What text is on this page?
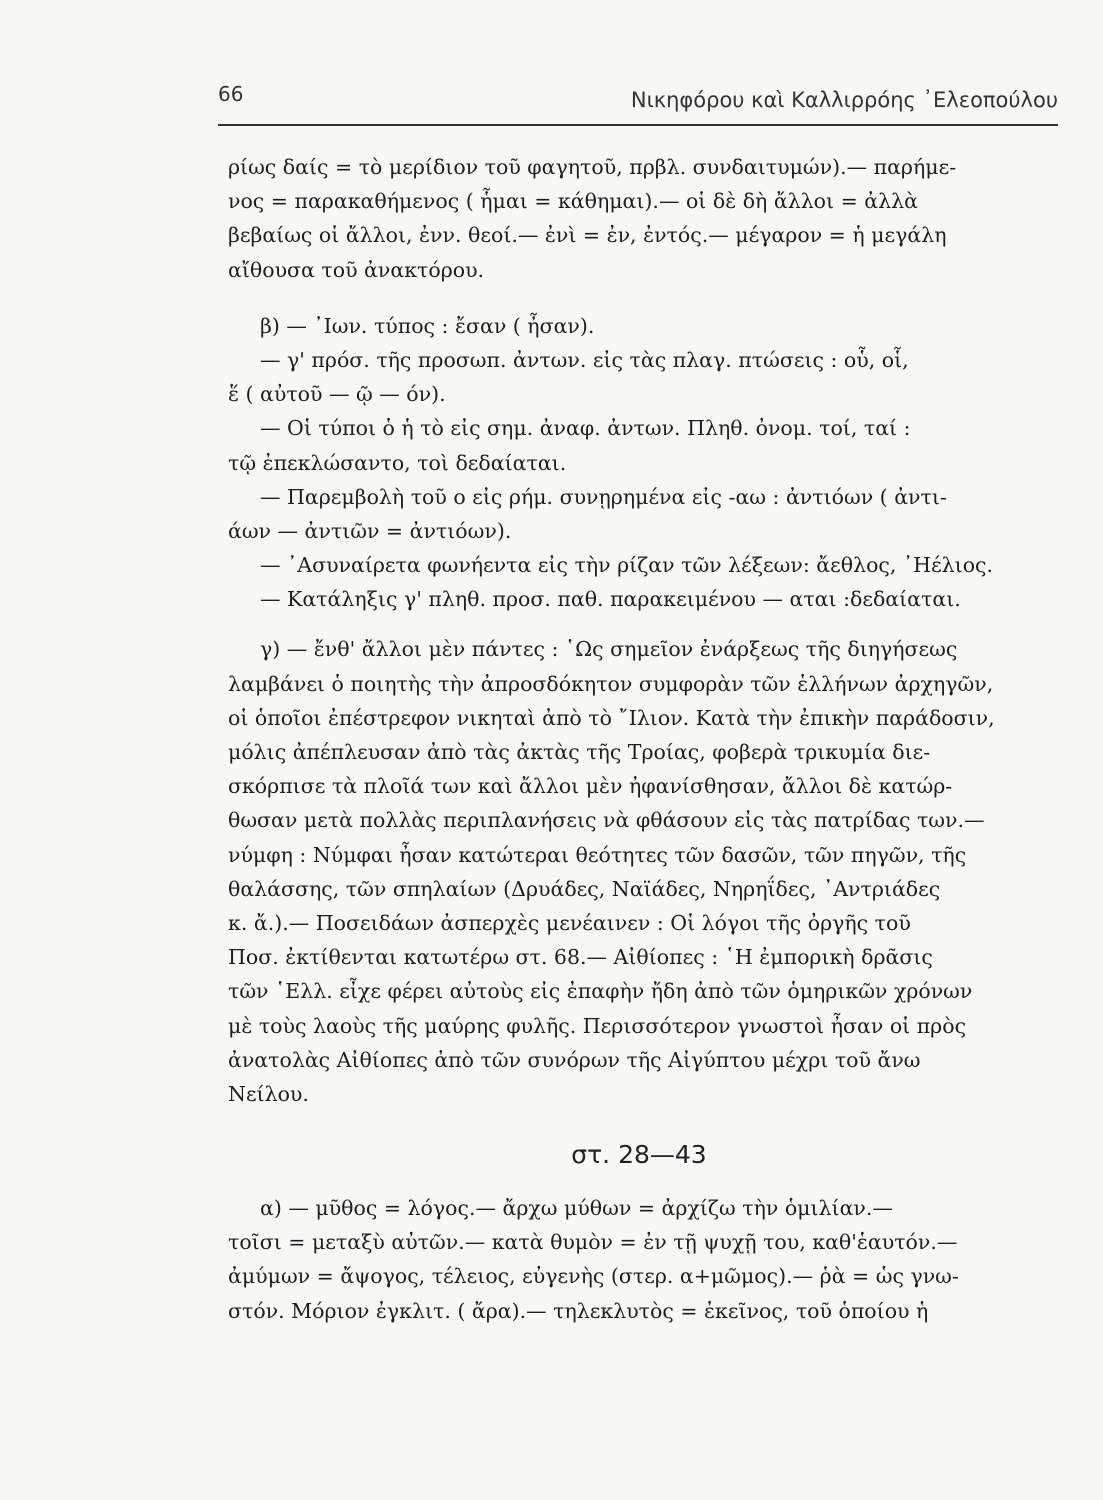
66	Νικηφόρου καὶ Καλλιρρόης ᾿Ελεοπούλου
ρίως δαίς = τὸ μερίδιον τοῦ φαγητοῦ, πρβλ. συνδαιτυμών).— παρήμε-
νος = παρακαθήμενος ( ἧμαι = κάθημαι).— οἱ δὲ δὴ ἄλλοι = ἀλλὰ
βεβαίως οἱ ἄλλοι, ἐνν. θεοί.— ἐνὶ = ἐν, ἐντός.— μέγαρον = ἡ μεγάλη
αἴθουσα τοῦ ἀνακτόρου.
β) — ᾿Ιων. τύπος : ἔσαν ( ἦσαν).
— γ' πρόσ. τῆς προσωπ. ἀντων. εἰς τὰς πλαγ. πτώσεις : οὗ, οἷ,
ἕ ( αὐτοῦ — ῷ — όν).
— Οἱ τύποι ὁ ἡ τὸ εἰς σημ. ἀναφ. ἀντων. Πληθ. ὀνομ. τοί, ταί :
τῷ ἐπεκλώσαντο, τοὶ δεδαίαται.
— Παρεμβολὴ τοῦ ο εἰς ρήμ. συνῃρημένα εἰς -αω : ἀντιόων ( ἀντι-
άων — ἀντιῶν = ἀντιόων).
— ᾿Ασυναίρετα φωνήεντα εἰς τὴν ρίζαν τῶν λέξεων: ἄεθλος, ᾿Ηέλιος.
— Κατάληξις γ' πληθ. προσ. παθ. παρακειμένου — αται :δεδαίαται.
γ) — ἔνθ' ἄλλοι μὲν πάντες : ῾Ως σημεῖον ἐνάρξεως τῆς διηγήσεως
λαμβάνει ὁ ποιητὴς τὴν ἀπροσδόκητον συμφορὰν τῶν ἑλλήνων ἀρχηγῶν,
οἱ ὁποῖοι ἐπέστρεφον νικηταὶ ἀπὸ τὸ ῎Ιλιον. Κατὰ τὴν ἐπικὴν παράδοσιν,
μόλις ἀπέπλευσαν ἀπὸ τὰς ἀκτὰς τῆς Τροίας, φοβερὰ τρικυμία διε-
σκόρπισε τὰ πλοῖά των καὶ ἄλλοι μὲν ἠφανίσθησαν, ἄλλοι δὲ κατώρ-
θωσαν μετὰ πολλὰς περιπλανήσεις νὰ φθάσουν εἰς τὰς πατρίδας των.—
νύμφη : Νύμφαι ἦσαν κατώτεραι θεότητες τῶν δασῶν, τῶν πηγῶν, τῆς
θαλάσσης, τῶν σπηλαίων (Δρυάδες, Ναϊάδες, Νηρηΐδες, ᾿Αντριάδες
κ. ἄ.).— Ποσειδάων ἀσπερχὲς μενέαινεν : Οἱ λόγοι τῆς ὀργῆς τοῦ
Ποσ. ἐκτίθενται κατωτέρω στ. 68.— Αἰθίοπες : ῾Η ἐμπορικὴ δρᾶσις
τῶν ῾Ελλ. εἶχε φέρει αὐτοὺς εἰς ἐπαφὴν ἤδη ἀπὸ τῶν ὁμηρικῶν χρόνων
μὲ τοὺς λαοὺς τῆς μαύρης φυλῆς. Περισσότερον γνωστοὶ ἦσαν οἱ πρὸς
ἀνατολὰς Αἰθίοπες ἀπὸ τῶν συνόρων τῆς Αἰγύπτου μέχρι τοῦ ἄνω
Νείλου.
στ. 28—43
α) — μῦθος = λόγος.— ἄρχω μύθων = ἀρχίζω τὴν ὁμιλίαν.—
τοῖσι = μεταξὺ αὐτῶν.— κατὰ θυμὸν = ἐν τῇ ψυχῇ του, καθ'ἑαυτόν.—
ἀμύμων = ἄψογος, τέλειος, εὐγενὴς (στερ. α+μῶμος).— ῥὰ = ὡς γνω-
στόν. Μόριον ἐγκλιτ. ( ἄρα).— τηλεκλυτὸς = ἐκεῖνος, τοῦ ὁποίου ἡ
